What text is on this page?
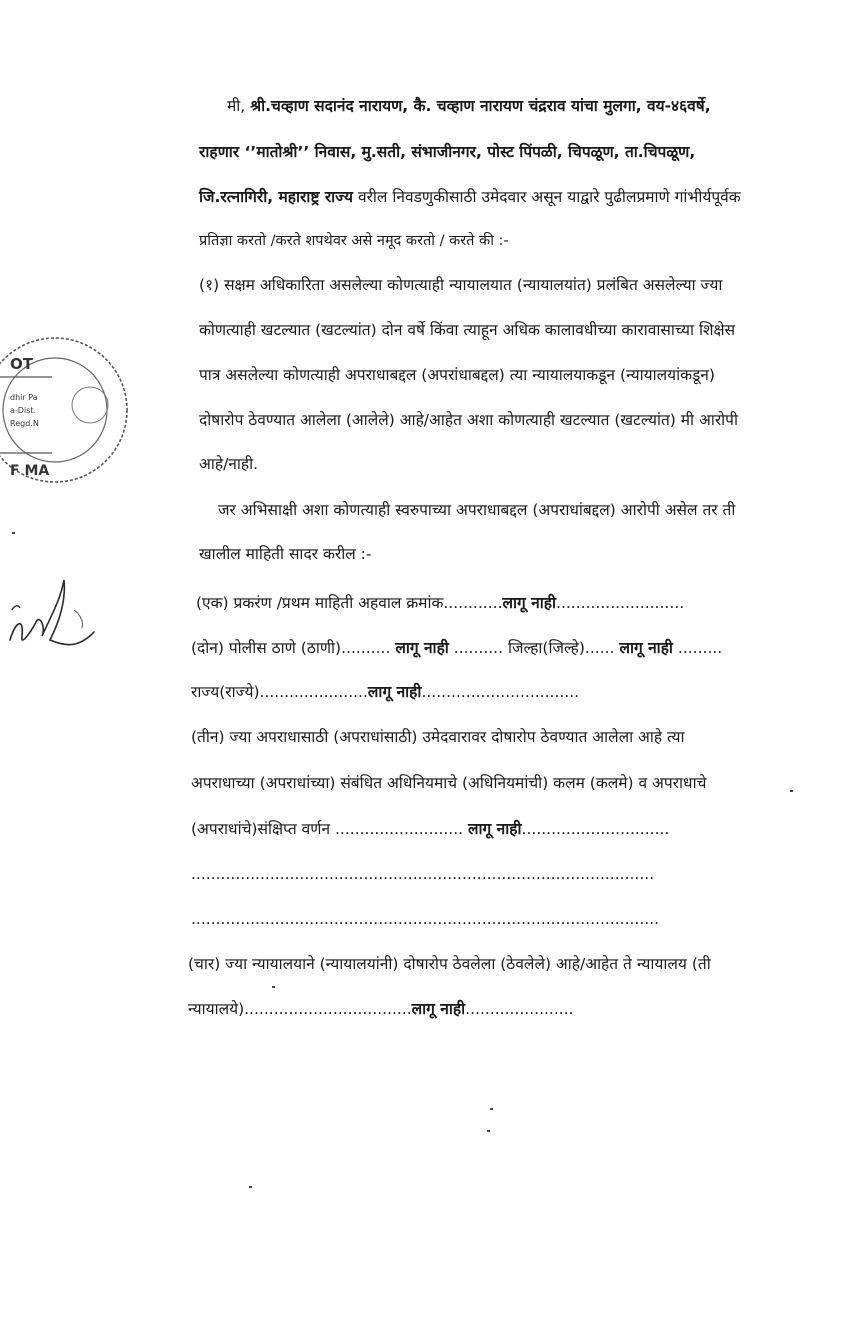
मी, श्री.चव्हाण सदानंद नारायण, कै. चव्हाण नारायण चंद्रराव यांचा मुलगा, वय-४६वर्षे,
राहणार ‘’मातोश्री’’ निवास, मु.सती, संभाजीनगर, पोस्ट पिंपळी, चिपळूण, ता.चिपळूण,
जि.रत्नागिरी, महाराष्ट्र राज्य वरील निवडणुकीसाठी उमेदवार असून याद्वारे पुढीलप्रमाणे गांभीर्यपूर्वक
प्रतिज्ञा करतो /करते शपथेवर असे नमूद करतो / करते की :-
(१) सक्षम अधिकारिता असलेल्या कोणत्याही न्यायालयात (न्यायालयांत) प्रलंबित असलेल्या ज्या
कोणत्याही खटल्यात (खटल्यांत) दोन वर्षे किंवा त्याहून अधिक कालावधीच्या कारावासाच्या शिक्षेस
पात्र असलेल्या कोणत्याही अपराधाबद्दल (अपरांधाबद्दल) त्या न्यायालयाकडून (न्यायालयांकडून)
दोषारोप ठेवण्यात आलेला (आलेले) आहे/आहेत अशा कोणत्याही खटल्यात (खटल्यांत) मी आरोपी
आहे/नाही.
जर अभिसाक्षी अशा कोणत्याही स्वरुपाच्या अपराधाबद्दल (अपराधांबद्दल) आरोपी असेल तर ती
खालील माहिती सादर करील :-
(एक) प्रकरंण /प्रथम माहिती अहवाल क्रमांक............लागू नाही..........................
(दोन) पोलीस ठाणे (ठाणी).......... लागू नाही .......... जिल्हा(जिल्हे)...... लागू नाही .........
राज्य(राज्ये)......................लागू नाही................................
(तीन) ज्या अपराधासाठी (अपराधांसाठी) उमेदवारावर दोषारोप ठेवण्यात आलेला आहे त्या
अपराधाच्या (अपराधांच्या) संबंधित अधिनियमाचे (अधिनियमांची) कलम (कलमे) व अपराधाचे
(अपराधांचे)संक्षिप्त वर्णन .......................... लागू नाही..............................
..............................................................................................
...............................................................................................
(चार) ज्या न्यायालयाने (न्यायालयांनी) दोषारोप ठेवलेला (ठेवलेले) आहे/आहेत ते न्यायालय (ती
न्यायालये)..................................लागू नाही......................
OT
dhir Pa
a-Dist.
Regd.N
F MA
